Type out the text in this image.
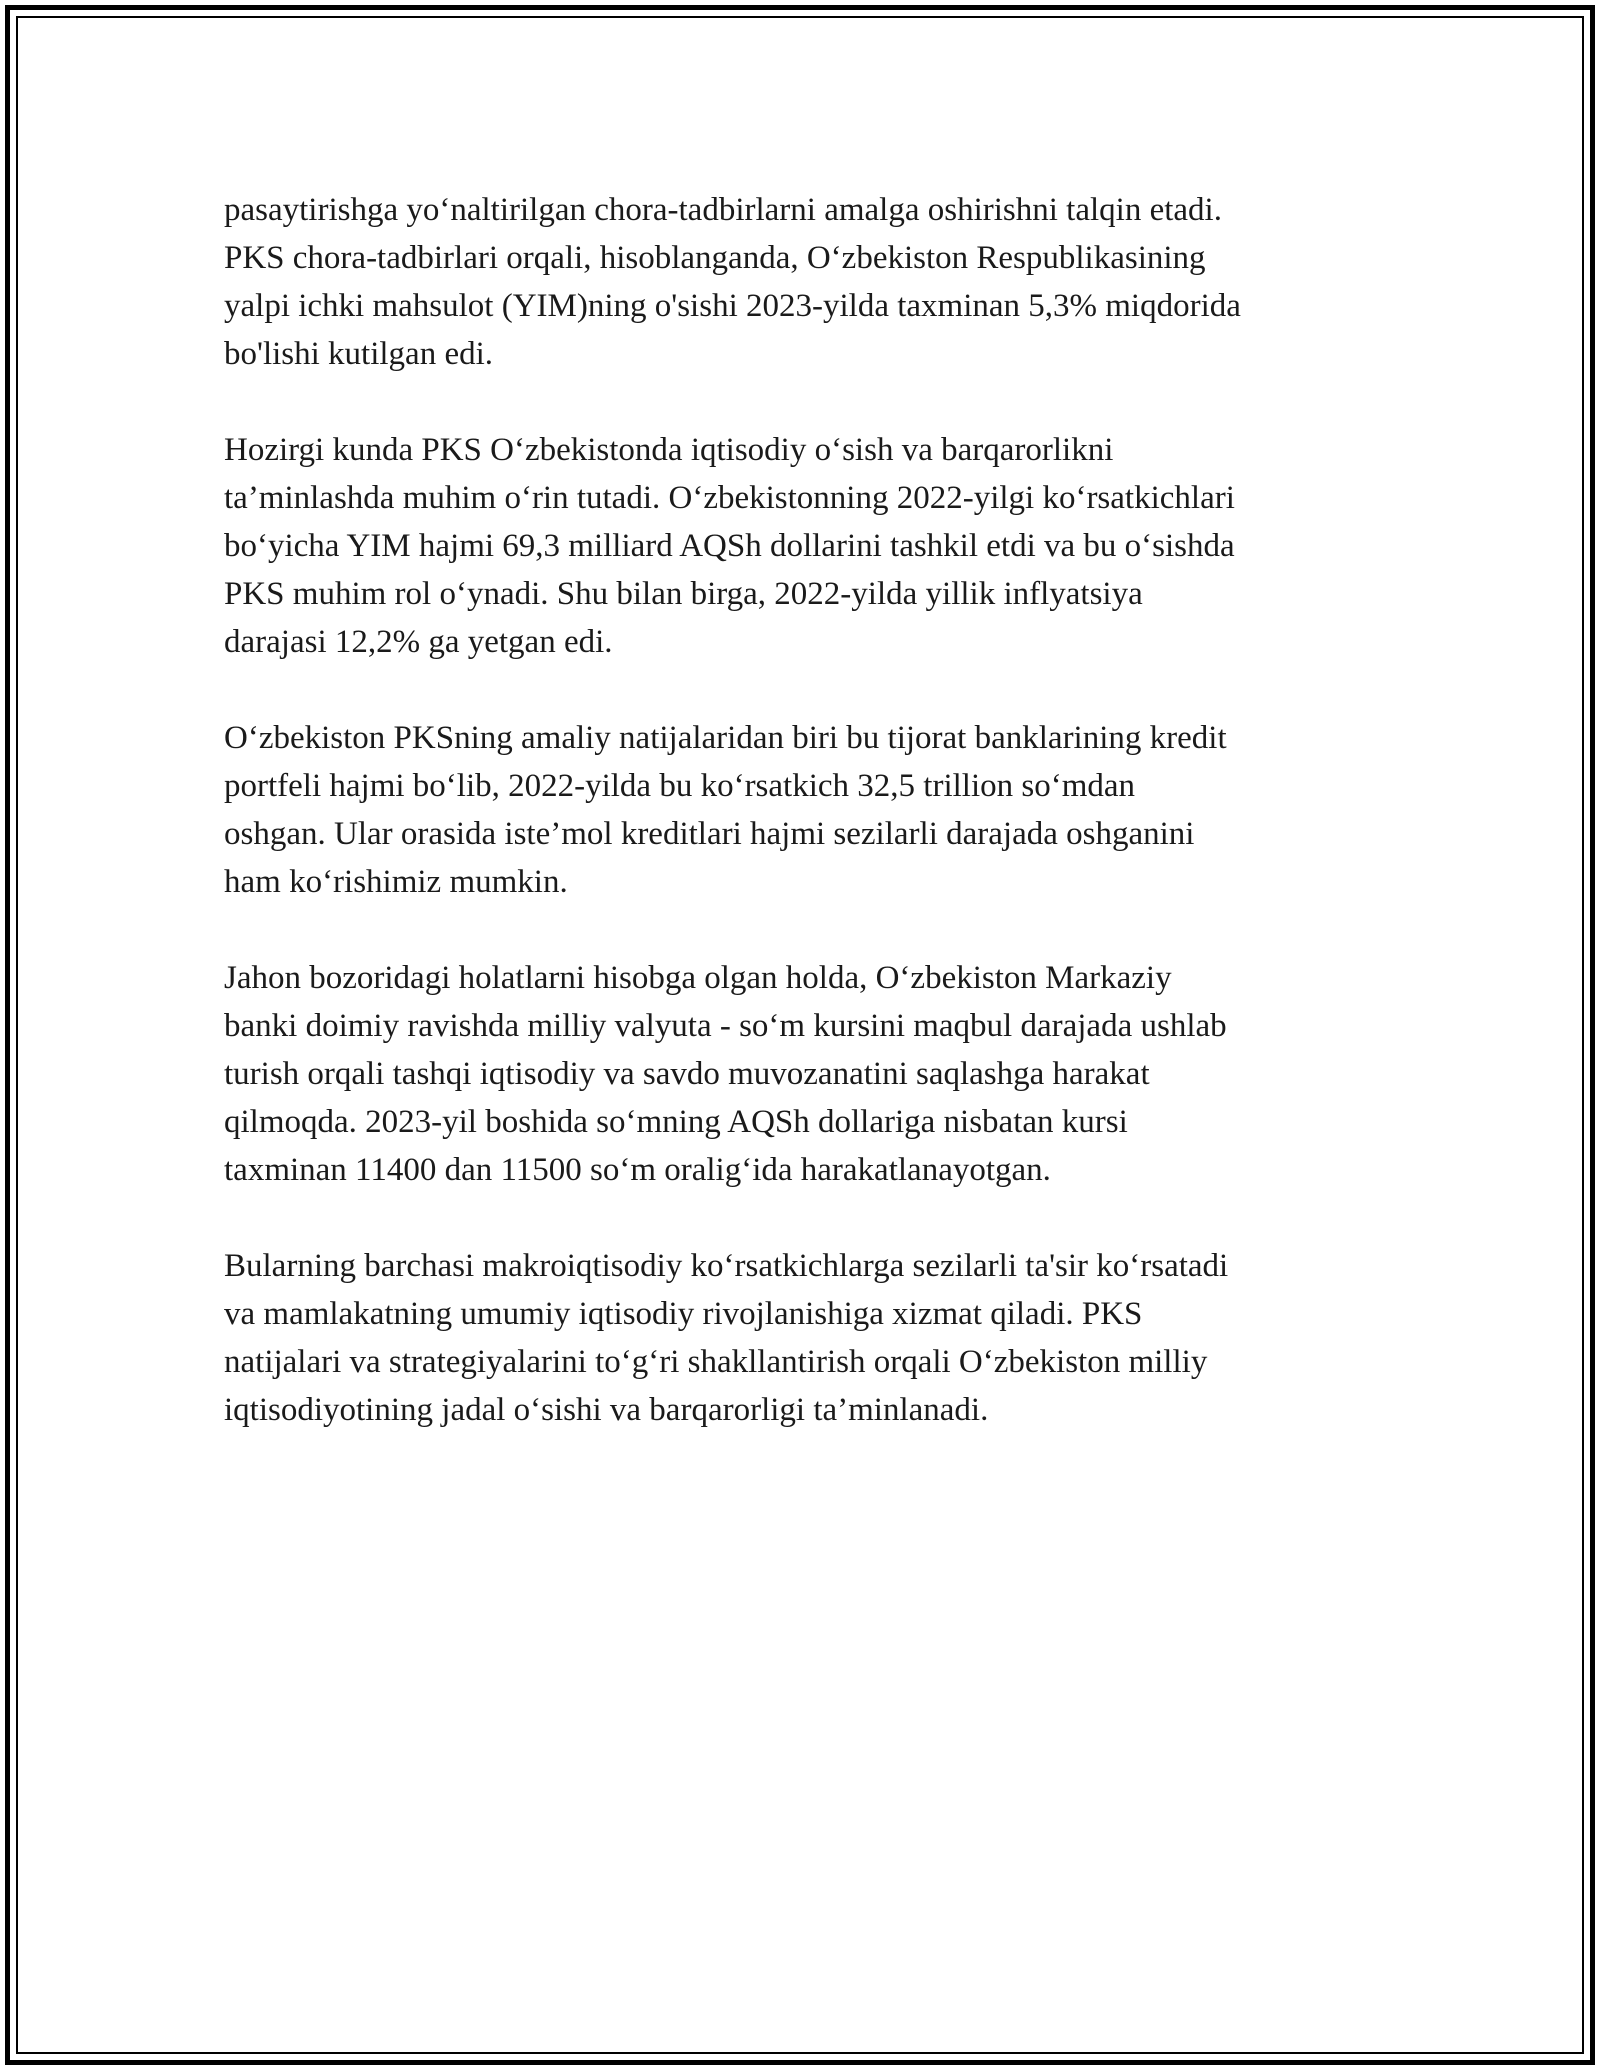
pasaytirishga yo‘naltirilgan chora-tadbirlarni amalga oshirishni talqin etadi.
PKS chora-tadbirlari orqali, hisoblanganda, O‘zbekiston Respublikasining
yalpi ichki mahsulot (YIM)ning o'sishi 2023-yilda taxminan 5,3% miqdorida
bo'lishi kutilgan edi.

Hozirgi kunda PKS O‘zbekistonda iqtisodiy o‘sish va barqarorlikni
ta’minlashda muhim o‘rin tutadi. O‘zbekistonning 2022-yilgi ko‘rsatkichlari
bo‘yicha YIM hajmi 69,3 milliard AQSh dollarini tashkil etdi va bu o‘sishda
PKS muhim rol o‘ynadi. Shu bilan birga, 2022-yilda yillik inflyatsiya
darajasi 12,2% ga yetgan edi.

O‘zbekiston PKSning amaliy natijalaridan biri bu tijorat banklarining kredit
portfeli hajmi bo‘lib, 2022-yilda bu ko‘rsatkich 32,5 trillion so‘mdan
oshgan. Ular orasida iste’mol kreditlari hajmi sezilarli darajada oshganini
ham ko‘rishimiz mumkin.

Jahon bozoridagi holatlarni hisobga olgan holda, O‘zbekiston Markaziy
banki doimiy ravishda milliy valyuta - so‘m kursini maqbul darajada ushlab
turish orqali tashqi iqtisodiy va savdo muvozanatini saqlashga harakat
qilmoqda. 2023-yil boshida so‘mning AQSh dollariga nisbatan kursi
taxminan 11400 dan 11500 so‘m oralig‘ida harakatlanayotgan.

Bularning barchasi makroiqtisodiy ko‘rsatkichlarga sezilarli ta'sir ko‘rsatadi
va mamlakatning umumiy iqtisodiy rivojlanishiga xizmat qiladi. PKS
natijalari va strategiyalarini to‘g‘ri shakllantirish orqali O‘zbekiston milliy
iqtisodiyotining jadal o‘sishi va barqarorligi ta’minlanadi.
